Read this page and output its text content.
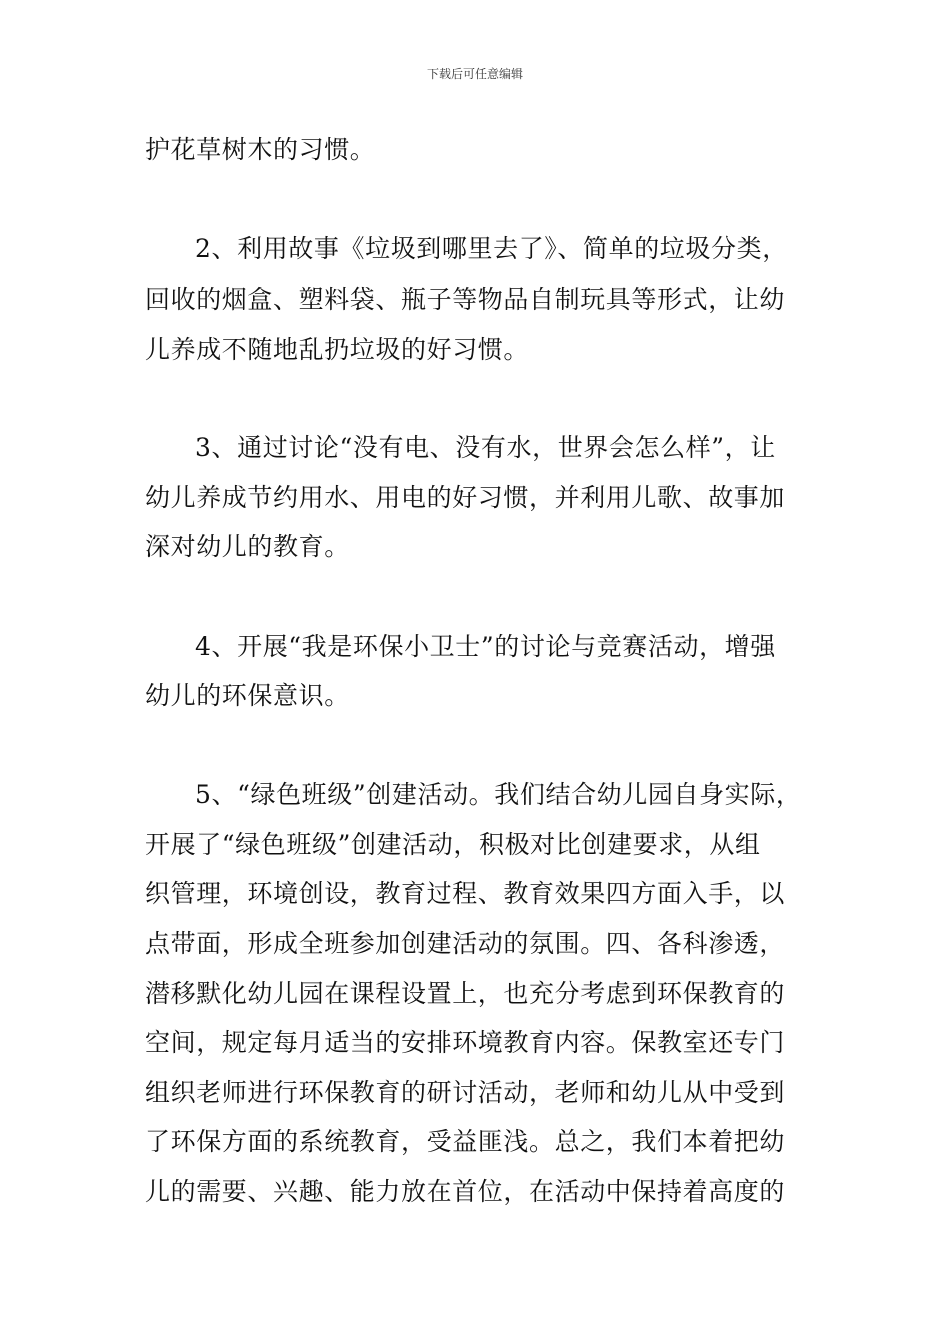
下载后可任意编辑
护花草树木的习惯。
2、利用故事《垃圾到哪里去了》、简单的垃圾分类，
回收的烟盒、塑料袋、瓶子等物品自制玩具等形式，让幼
儿养成不随地乱扔垃圾的好习惯。
3、通过讨论“没有电、没有水，世界会怎么样”，让
幼儿养成节约用水、用电的好习惯，并利用儿歌、故事加
深对幼儿的教育。
4、开展“我是环保小卫士”的讨论与竞赛活动，增强
幼儿的环保意识。
5、“绿色班级”创建活动。我们结合幼儿园自身实际，
开展了“绿色班级”创建活动，积极对比创建要求，从组
织管理，环境创设，教育过程、教育效果四方面入手，以
点带面，形成全班参加创建活动的氛围。四、各科渗透，
潜移默化幼儿园在课程设置上，也充分考虑到环保教育的
空间，规定每月适当的安排环境教育内容。保教室还专门
组织老师进行环保教育的研讨活动，老师和幼儿从中受到
了环保方面的系统教育，受益匪浅。总之，我们本着把幼
儿的需要、兴趣、能力放在首位，在活动中保持着高度的
